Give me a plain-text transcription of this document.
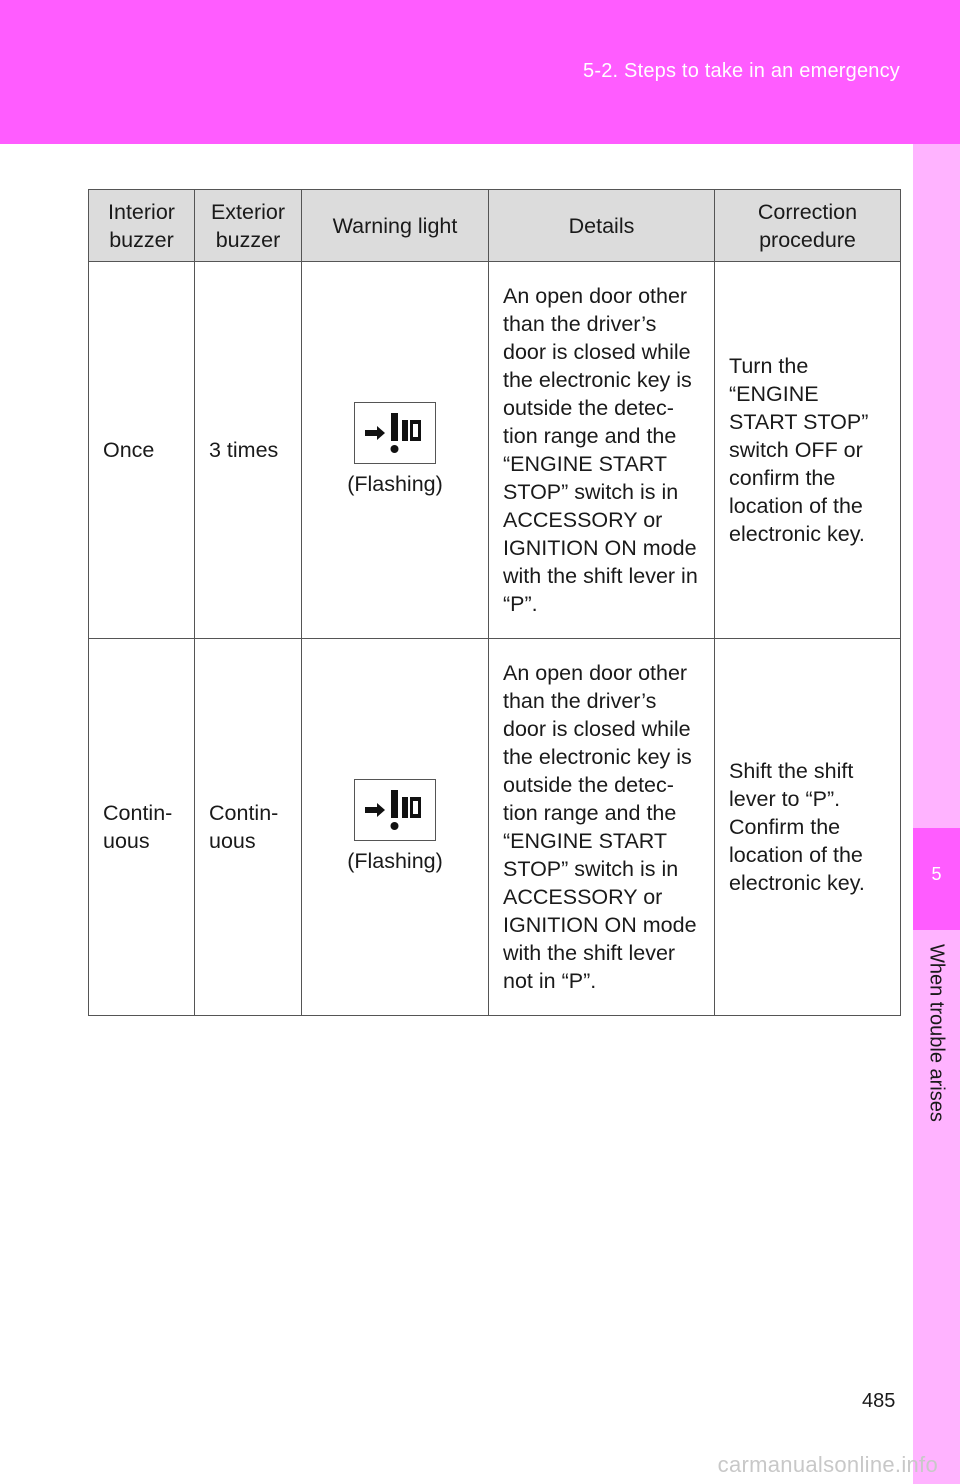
5-2. Steps to take in an emergency
5
When trouble arises
Interior buzzer	Exterior buzzer	Warning light	Details	Correction procedure
Once	3 times	(Flashing)	An open door other than the driver’s door is closed while the electronic key is outside the detec- tion range and the “ENGINE START STOP” switch is in ACCESSORY or IGNITION ON mode with the shift lever in “P”.	Turn the “ENGINE START STOP” switch OFF or confirm the location of the electronic key.
Contin- uous	Contin- uous	(Flashing)	An open door other than the driver’s door is closed while the electronic key is outside the detec- tion range and the “ENGINE START STOP” switch is in ACCESSORY or IGNITION ON mode with the shift lever not in “P”.	Shift the shift lever to “P”. Confirm the location of the electronic key.
485
carmanualsonline.info
